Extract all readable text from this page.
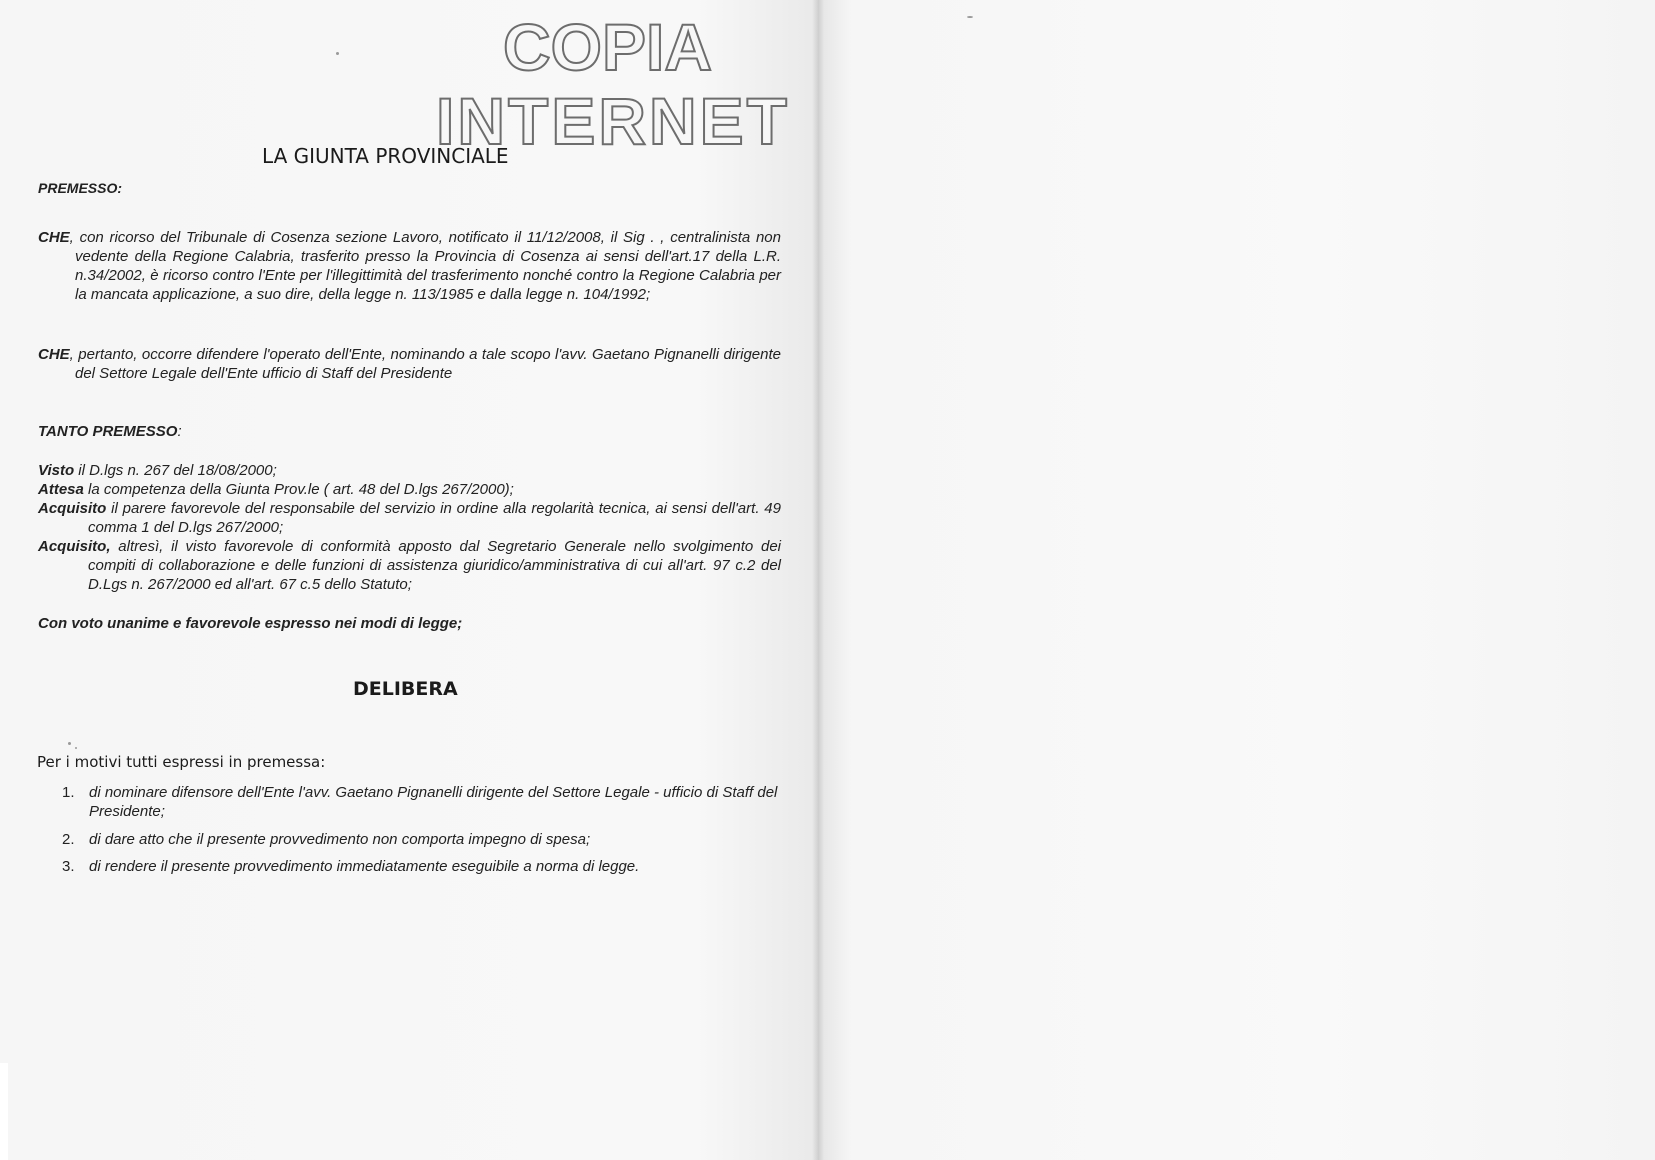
COPIA

INTERNET

LA GIUNTA PROVINCIALE

PREMESSO:

CHE, con ricorso del Tribunale di Cosenza sezione Lavoro, notificato il 11/12/2008, il Sig . , centralinista non vedente della Regione Calabria, trasferito presso la Provincia di Cosenza ai sensi dell'art.17 della L.R. n.34/2002, è ricorso contro l'Ente per l'illegittimità del trasferimento nonché contro la Regione Calabria per la mancata applicazione, a suo dire, della legge n. 113/1985 e dalla legge n. 104/1992;

CHE, pertanto, occorre difendere l'operato dell'Ente, nominando a tale scopo l'avv. Gaetano Pignanelli dirigente del Settore Legale dell'Ente ufficio di Staff del Presidente

TANTO PREMESSO:

Visto il D.lgs n. 267 del 18/08/2000;
Attesa la competenza della Giunta Prov.le ( art. 48 del D.lgs 267/2000);
Acquisito il parere favorevole del responsabile del servizio in ordine alla regolarità tecnica, ai sensi dell'art. 49 comma 1 del D.lgs 267/2000;
Acquisito, altresì, il visto favorevole di conformità apposto dal Segretario Generale nello svolgimento dei compiti di collaborazione e delle funzioni di assistenza giuridico/amministrativa di cui all'art. 97 c.2 del D.Lgs n. 267/2000 ed all'art. 67 c.5 dello Statuto;

Con voto unanime e favorevole espresso nei modi di legge;

DELIBERA

Per i motivi tutti espressi in premessa:

1. di nominare difensore dell'Ente l'avv. Gaetano Pignanelli dirigente del Settore Legale - ufficio di Staff del Presidente;
2. di dare atto che il presente provvedimento non comporta impegno di spesa;
3. di rendere il presente provvedimento immediatamente eseguibile a norma di legge.
